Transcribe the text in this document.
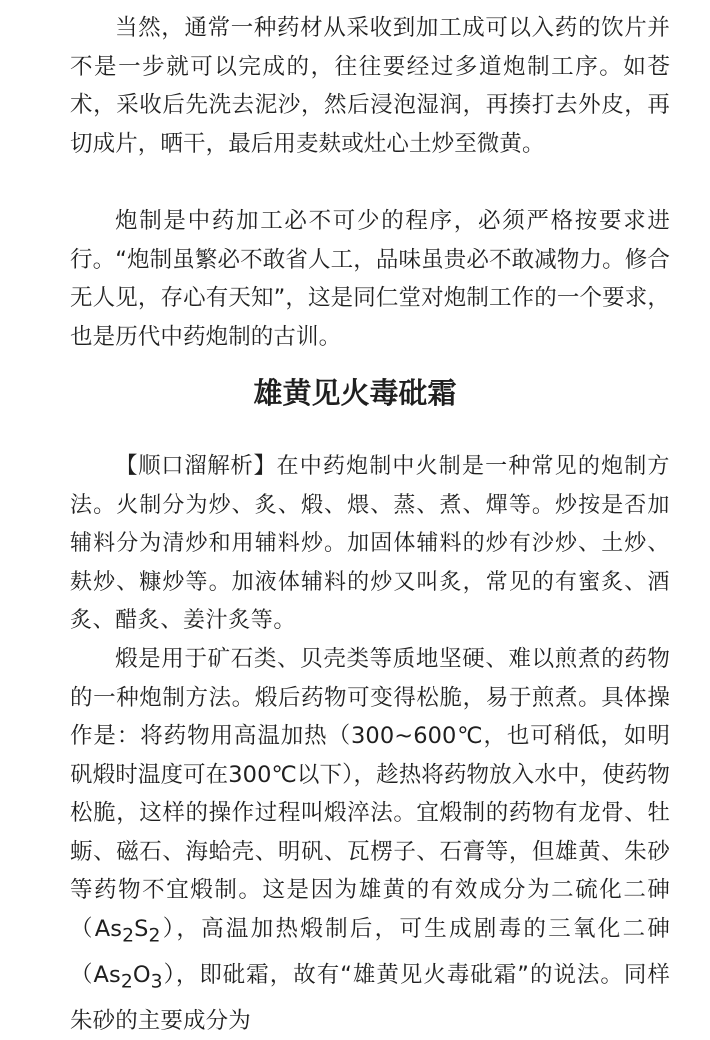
当然，通常一种药材从采收到加工成可以入药的饮片并不是一步就可以完成的，往往要经过多道炮制工序。如苍术，采收后先洗去泥沙，然后浸泡湿润，再揍打去外皮，再切成片，晒干，最后用麦麸或灶心土炒至微黄。

炮制是中药加工必不可少的程序，必须严格按要求进行。“炮制虽繁必不敢省人工，品味虽贵必不敢减物力。修合无人见，存心有天知”，这是同仁堂对炮制工作的一个要求，也是历代中药炮制的古训。

雄黄见火毒砒霜

【顺口溜解析】在中药炮制中火制是一种常见的炮制方法。火制分为炒、炙、煅、煨、蒸、煮、燀等。炒按是否加辅料分为清炒和用辅料炒。加固体辅料的炒有沙炒、土炒、麸炒、糠炒等。加液体辅料的炒又叫炙，常见的有蜜炙、酒炙、醋炙、姜汁炙等。

煅是用于矿石类、贝壳类等质地坚硬、难以煎煮的药物的一种炮制方法。煅后药物可变得松脆，易于煎煮。具体操作是：将药物用高温加热（300~600℃，也可稍低，如明矾煅时温度可在300℃以下），趁热将药物放入水中，使药物松脆，这样的操作过程叫煅淬法。宜煅制的药物有龙骨、牡蛎、磁石、海蛤壳、明矾、瓦楞子、石膏等，但雄黄、朱砂等药物不宜煅制。这是因为雄黄的有效成分为二硫化二砷$(As_2S_2)$，高温加热煅制后，可生成剧毒的三氧化二砷$(As_2O_3)$，即砒霜，故有“雄黄见火毒砒霜”的说法。同样朱砂的主要成分为
